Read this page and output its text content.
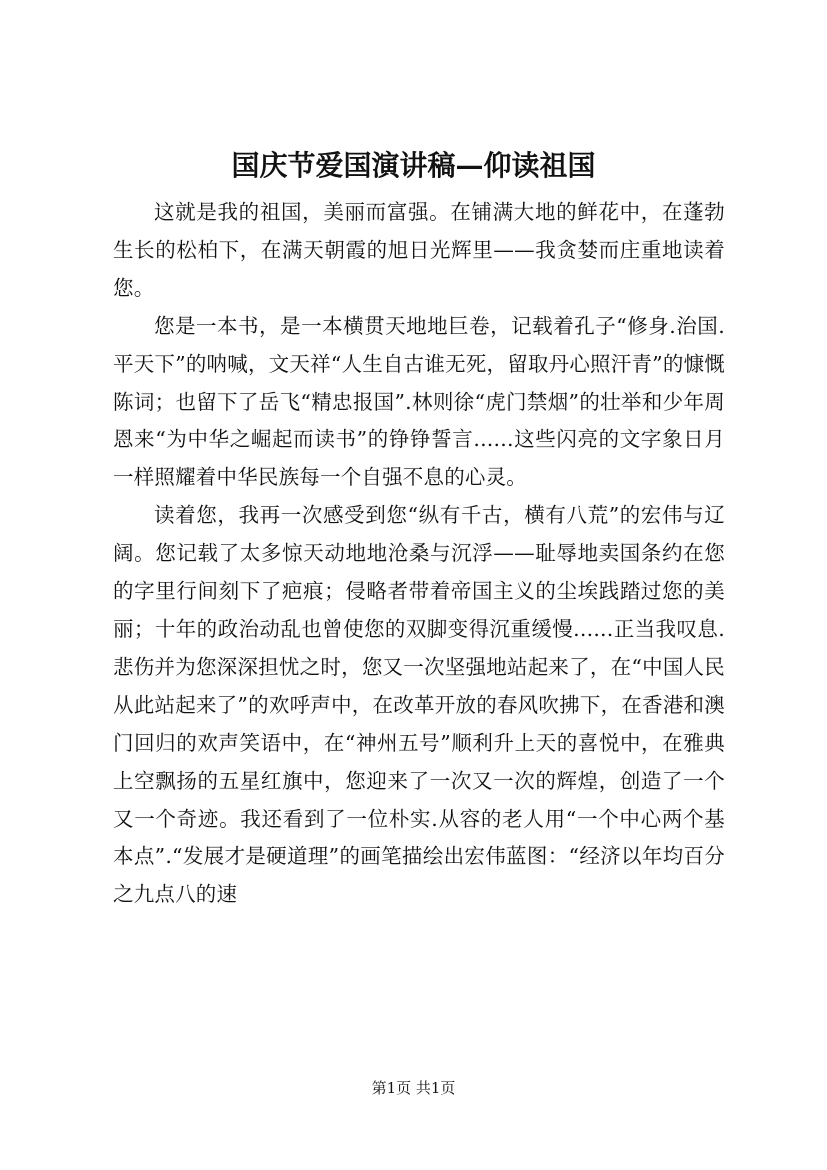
国庆节爱国演讲稿—仰读祖国

这就是我的祖国，美丽而富强。在铺满大地的鲜花中，在蓬勃生长的松柏下，在满天朝霞的旭日光辉里——我贪婪而庄重地读着您。

您是一本书，是一本横贯天地地巨卷，记载着孔子“修身.治国.平天下”的呐喊，文天祥“人生自古谁无死，留取丹心照汗青”的慷慨陈词；也留下了岳飞“精忠报国”.林则徐“虎门禁烟”的壮举和少年周恩来“为中华之崛起而读书”的铮铮誓言......这些闪亮的文字象日月一样照耀着中华民族每一个自强不息的心灵。

读着您，我再一次感受到您“纵有千古，横有八荒”的宏伟与辽阔。您记载了太多惊天动地地沧桑与沉浮——耻辱地卖国条约在您的字里行间刻下了疤痕；侵略者带着帝国主义的尘埃践踏过您的美丽；十年的政治动乱也曾使您的双脚变得沉重缓慢......正当我叹息.悲伤并为您深深担忧之时，您又一次坚强地站起来了，在“中国人民从此站起来了”的欢呼声中，在改革开放的春风吹拂下，在香港和澳门回归的欢声笑语中，在“神州五号”顺利升上天的喜悦中，在雅典上空飘扬的五星红旗中，您迎来了一次又一次的辉煌，创造了一个又一个奇迹。我还看到了一位朴实.从容的老人用“一个中心两个基本点”.“发展才是硬道理”的画笔描绘出宏伟蓝图：“经济以年均百分之九点八的速

第1页 共1页
